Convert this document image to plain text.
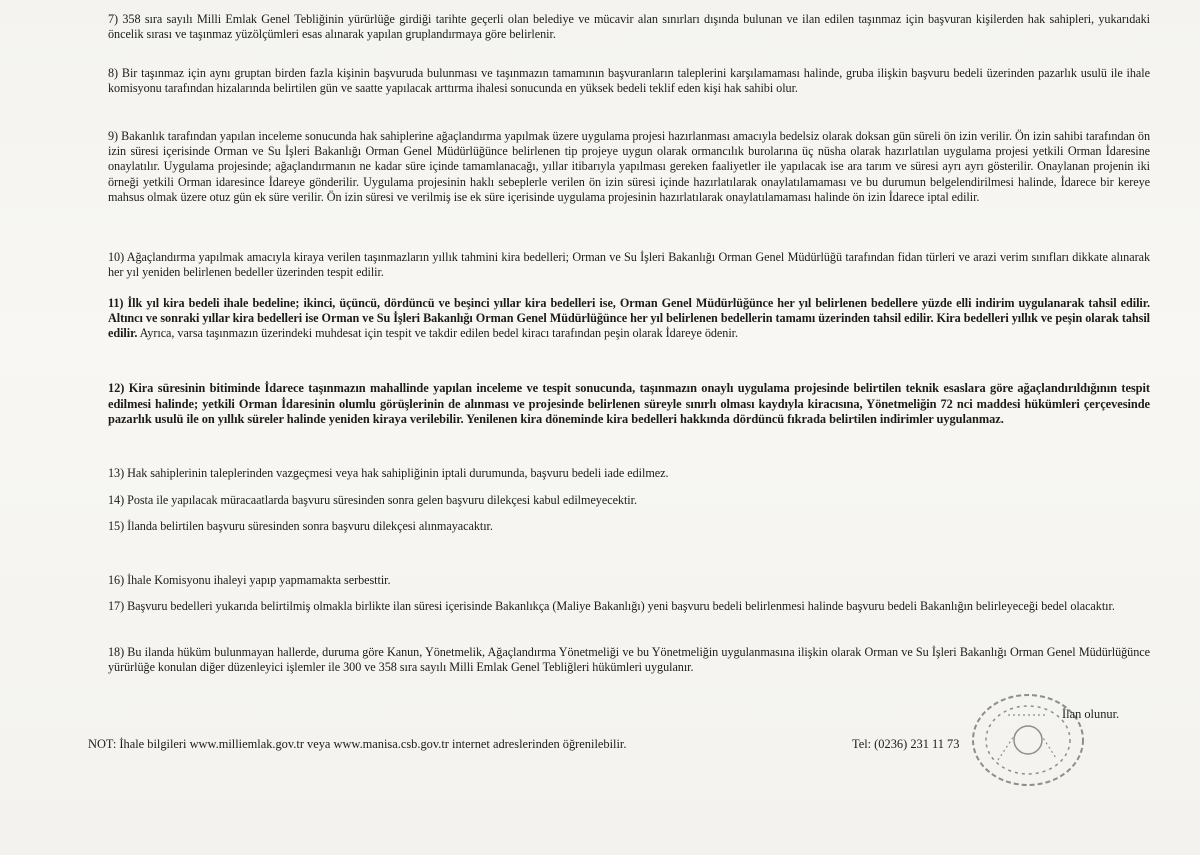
7) 358 sıra sayılı Milli Emlak Genel Tebliğinin yürürlüğe girdiği tarihte geçerli olan belediye ve mücavir alan sınırları dışında bulunan ve ilan edilen taşınmaz için başvuran kişilerden hak sahipleri, yukarıdaki öncelik sırası ve taşınmaz yüzölçümleri esas alınarak yapılan gruplandırmaya göre belirlenir.

8) Bir taşınmaz için aynı gruptan birden fazla kişinin başvuruda bulunması ve taşınmazın tamamının başvuranların taleplerini karşılamaması halinde, gruba ilişkin başvuru bedeli üzerinden pazarlık usulü ile ihale komisyonu tarafından hizalarında belirtilen gün ve saatte yapılacak arttırma ihalesi sonucunda en yüksek bedeli teklif eden kişi hak sahibi olur.

9) Bakanlık tarafından yapılan inceleme sonucunda hak sahiplerine ağaçlandırma yapılmak üzere uygulama projesi hazırlanması amacıyla bedelsiz olarak doksan gün süreli ön izin verilir. Ön izin sahibi tarafından ön izin süresi içerisinde Orman ve Su İşleri Bakanlığı Orman Genel Müdürlüğünce belirlenen tip projeye uygun olarak ormancılık burolarına üç nüsha olarak hazırlatılan uygulama projesi yetkili Orman İdaresine onaylatılır. Uygulama projesinde; ağaçlandırmanın ne kadar süre içinde tamamlanacağı, yıllar itibarıyla yapılması gereken faaliyetler ile yapılacak ise ara tarım ve süresi ayrı ayrı gösterilir. Onaylanan projenin iki örneği yetkili Orman idaresince İdareye gönderilir. Uygulama projesinin haklı sebeplerle verilen ön izin süresi içinde hazırlatılarak onaylatılamaması ve bu durumun belgelendirilmesi halinde, İdarece bir kereye mahsus olmak üzere otuz gün ek süre verilir. Ön izin süresi ve verilmiş ise ek süre içerisinde uygulama projesinin hazırlatılarak onaylatılamaması halinde ön izin İdarece iptal edilir.

10) Ağaçlandırma yapılmak amacıyla kiraya verilen taşınmazların yıllık tahmini kira bedelleri; Orman ve Su İşleri Bakanlığı Orman Genel Müdürlüğü tarafından fidan türleri ve arazi verim sınıfları dikkate alınarak her yıl yeniden belirlenen bedeller üzerinden tespit edilir.

11) İlk yıl kira bedeli ihale bedeline; ikinci, üçüncü, dördüncü ve beşinci yıllar kira bedelleri ise, Orman Genel Müdürlüğünce her yıl belirlenen bedellere yüzde elli indirim uygulanarak tahsil edilir. Altıncı ve sonraki yıllar kira bedelleri ise Orman ve Su İşleri Bakanlığı Orman Genel Müdürlüğünce her yıl belirlenen bedellerin tamamı üzerinden tahsil edilir. Kira bedelleri yıllık ve peşin olarak tahsil edilir. Ayrıca, varsa taşınmazın üzerindeki muhdesat için tespit ve takdir edilen bedel kiracı tarafından peşin olarak İdareye ödenir.

12) Kira süresinin bitiminde İdarece taşınmazın mahallinde yapılan inceleme ve tespit sonucunda, taşınmazın onaylı uygulama projesinde belirtilen teknik esaslara göre ağaçlandırıldığının tespit edilmesi halinde; yetkili Orman İdaresinin olumlu görüşlerinin de alınması ve projesinde belirlenen süreyle sınırlı olması kaydıyla kiracısına, Yönetmeliğin 72 nci maddesi hükümleri çerçevesinde pazarlık usulü ile on yıllık süreler halinde yeniden kiraya verilebilir. Yenilenen kira döneminde kira bedelleri hakkında dördüncü fıkrada belirtilen indirimler uygulanmaz.

13) Hak sahiplerinin taleplerinden vazgeçmesi veya hak sahipliğinin iptali durumunda, başvuru bedeli iade edilmez.

14) Posta ile yapılacak müracaatlarda başvuru süresinden sonra gelen başvuru dilekçesi kabul edilmeyecektir.

15) İlanda belirtilen başvuru süresinden sonra başvuru dilekçesi alınmayacaktır.

16) İhale Komisyonu ihaleyi yapıp yapmamakta serbesttir.

17) Başvuru bedelleri yukarıda belirtilmiş olmakla birlikte ilan süresi içerisinde Bakanlıkça (Maliye Bakanlığı) yeni başvuru bedeli belirlenmesi halinde başvuru bedeli Bakanlığın belirleyeceği bedel olacaktır.

18) Bu ilanda hüküm bulunmayan hallerde, duruma göre Kanun, Yönetmelik, Ağaçlandırma Yönetmeliği ve bu Yönetmeliğin uygulanmasına ilişkin olarak Orman ve Su İşleri Bakanlığı Orman Genel Müdürlüğünce yürürlüğe konulan diğer düzenleyici işlemler ile 300 ve 358 sıra sayılı Milli Emlak Genel Tebliğleri hükümleri uygulanır.

İlan olunur.
NOT: İhale bilgileri www.milliemlak.gov.tr veya www.manisa.csb.gov.tr internet adreslerinden öğrenilebilir.	Tel: (0236) 231 11 73
